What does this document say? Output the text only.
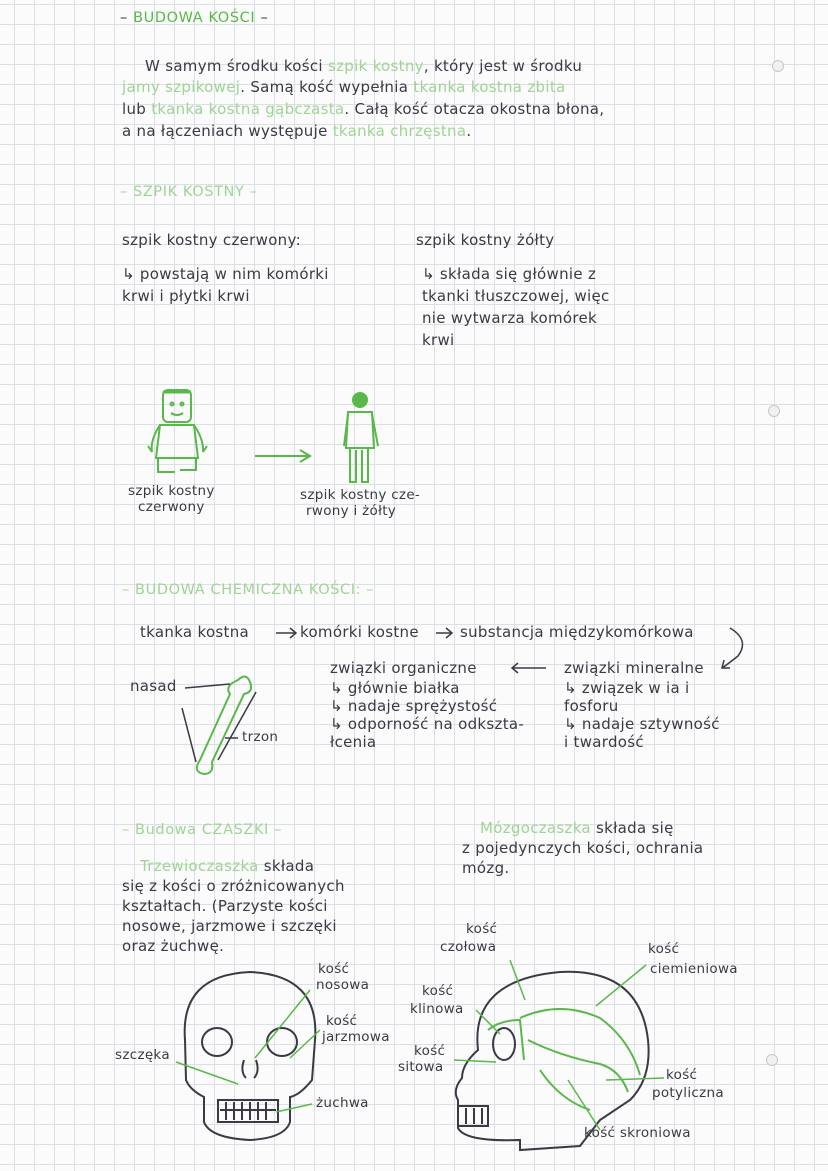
– BUDOWA KOŚCI –
W samym środku kości szpik kostny, który jest w środku
jamy szpikowej. Samą kość wypełnia tkanka kostna zbita
lub tkanka kostna gąbczasta. Całą kość otacza okostna błona,
a na łączeniach występuje tkanka chrzęstna.
– SZPIK KOSTNY –
szpik kostny czerwony:
↳ powstają w nim komórki
krwi i płytki krwi
szpik kostny żółty
↳ składa się głównie z
tkanki tłuszczowej, więc
nie wytwarza komórek
krwi
szpik kostny
czerwony
szpik kostny cze-
rwony i żółty
– BUDOWA CHEMICZNA KOŚCI: –
tkanka kostna	komórki kostne	substancja międzykomórkowa
nasad
trzon
związki organiczne
↳ głównie białka
↳ nadaje sprężystość
↳ odporność na odkszta-
łcenia
związki mineralne
↳ związek w ia i
fosforu
↳ nadaje sztywność
i twardość
– Budowa CZASZKI –
Trzewioczaszka składa
się z kości o zróżnicowanych
kształtach. (Parzyste kości
nosowe, jarzmowe i szczęki
oraz żuchwę.
Mózgoczaszka składa się
z pojedynczych kości, ochrania
mózg.
kość
nosowa
kość
jarzmowa
szczęka
żuchwa
kość
czołowa
kość
klinowa
kość
sitowa
kość
ciemieniowa
kość
potyliczna
kość skroniowa
